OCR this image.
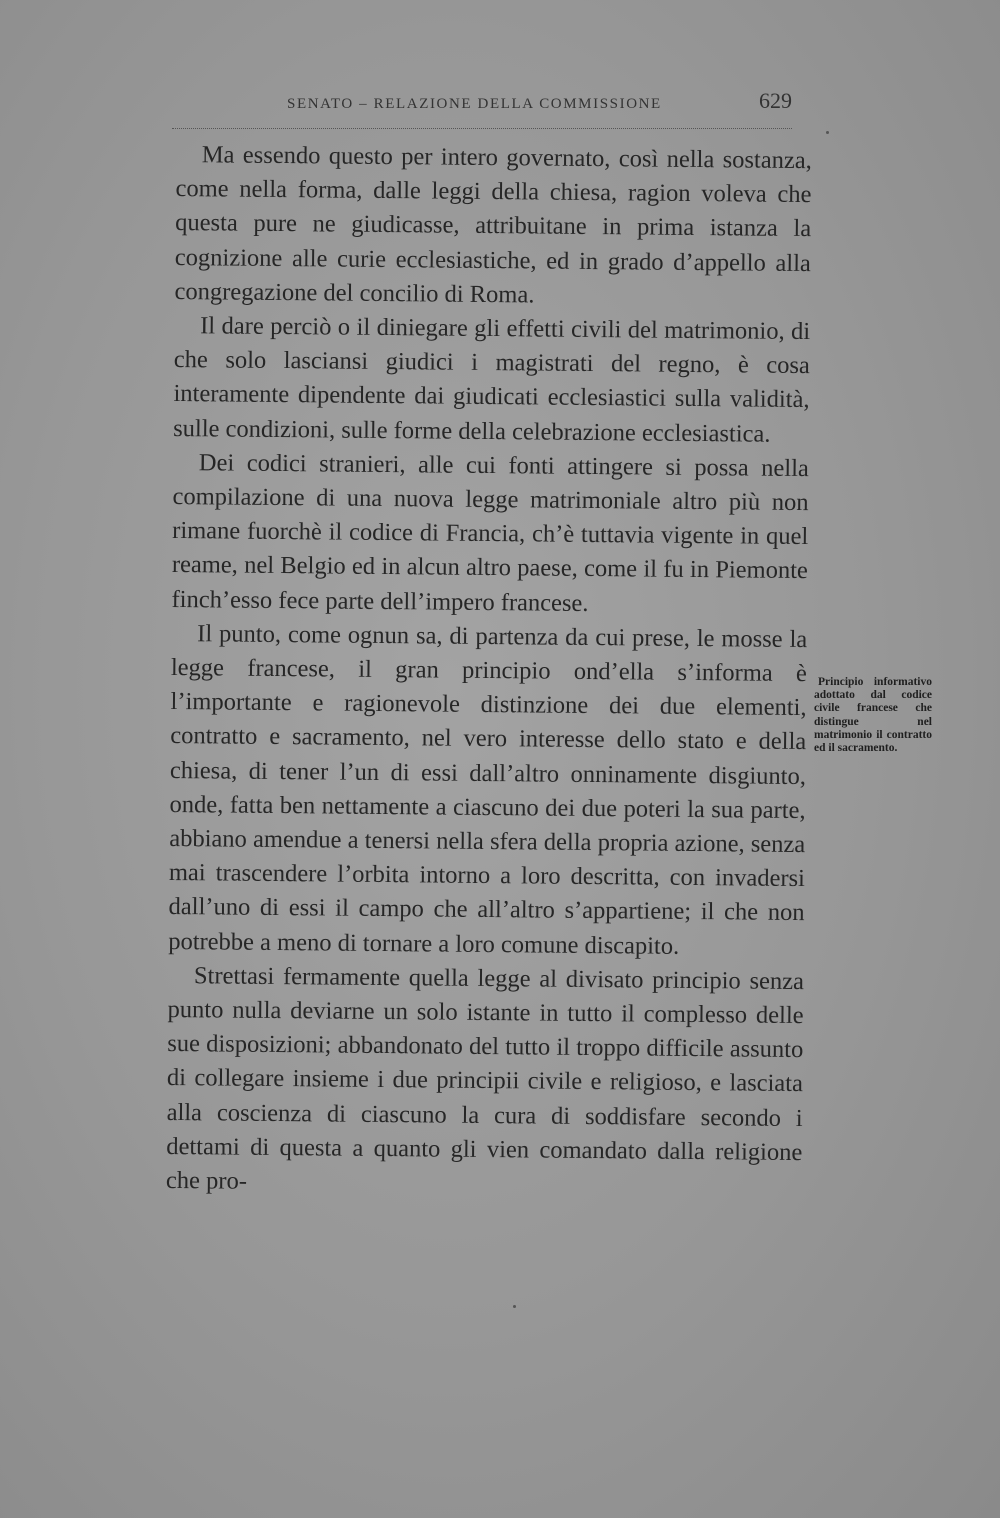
SENATO – RELAZIONE DELLA COMMISSIONE	629

Ma essendo questo per intero governato, così nella sostanza, come nella forma, dalle leggi della chiesa, ragion voleva che questa pure ne giudicasse, attribuitane in prima istanza la cognizione alle curie ecclesiastiche, ed in grado d’appello alla congregazione del concilio di Roma.

Il dare perciò o il diniegare gli effetti civili del matrimonio, di che solo lasciansi giudici i magistrati del regno, è cosa interamente dipendente dai giudicati ecclesiastici sulla validità, sulle condizioni, sulle forme della celebrazione ecclesiastica.

Dei codici stranieri, alle cui fonti attingere si possa nella compilazione di una nuova legge matrimoniale altro più non rimane fuorchè il codice di Francia, ch’è tuttavia vigente in quel reame, nel Belgio ed in alcun altro paese, come il fu in Piemonte finch’esso fece parte dell’impero francese.

Il punto, come ognun sa, di partenza da cui prese, le mosse la legge francese, il gran principio ond’ella s’informa è l’importante e ragionevole distinzione dei due elementi, contratto e sacramento, nel vero interesse dello stato e della chiesa, di tener l’un di essi dall’altro onninamente disgiunto, onde, fatta ben nettamente a ciascuno dei due poteri la sua parte, abbiano amendue a tenersi nella sfera della propria azione, senza mai trascendere l’orbita intorno a loro descritta, con invadersi dall’uno di essi il campo che all’altro s’appartiene; il che non potrebbe a meno di tornare a loro comune discapito.

Strettasi fermamente quella legge al divisato principio senza punto nulla deviarne un solo istante in tutto il complesso delle sue disposizioni; abbandonato del tutto il troppo difficile assunto di collegare insieme i due principii civile e religioso, e lasciata alla coscienza di ciascuno la cura di soddisfare secondo i dettami di questa a quanto gli vien comandato dalla religione che pro-

Principio informativo adottato dal codice civile francese che distingue nel matrimonio il contratto ed il sacramento.
